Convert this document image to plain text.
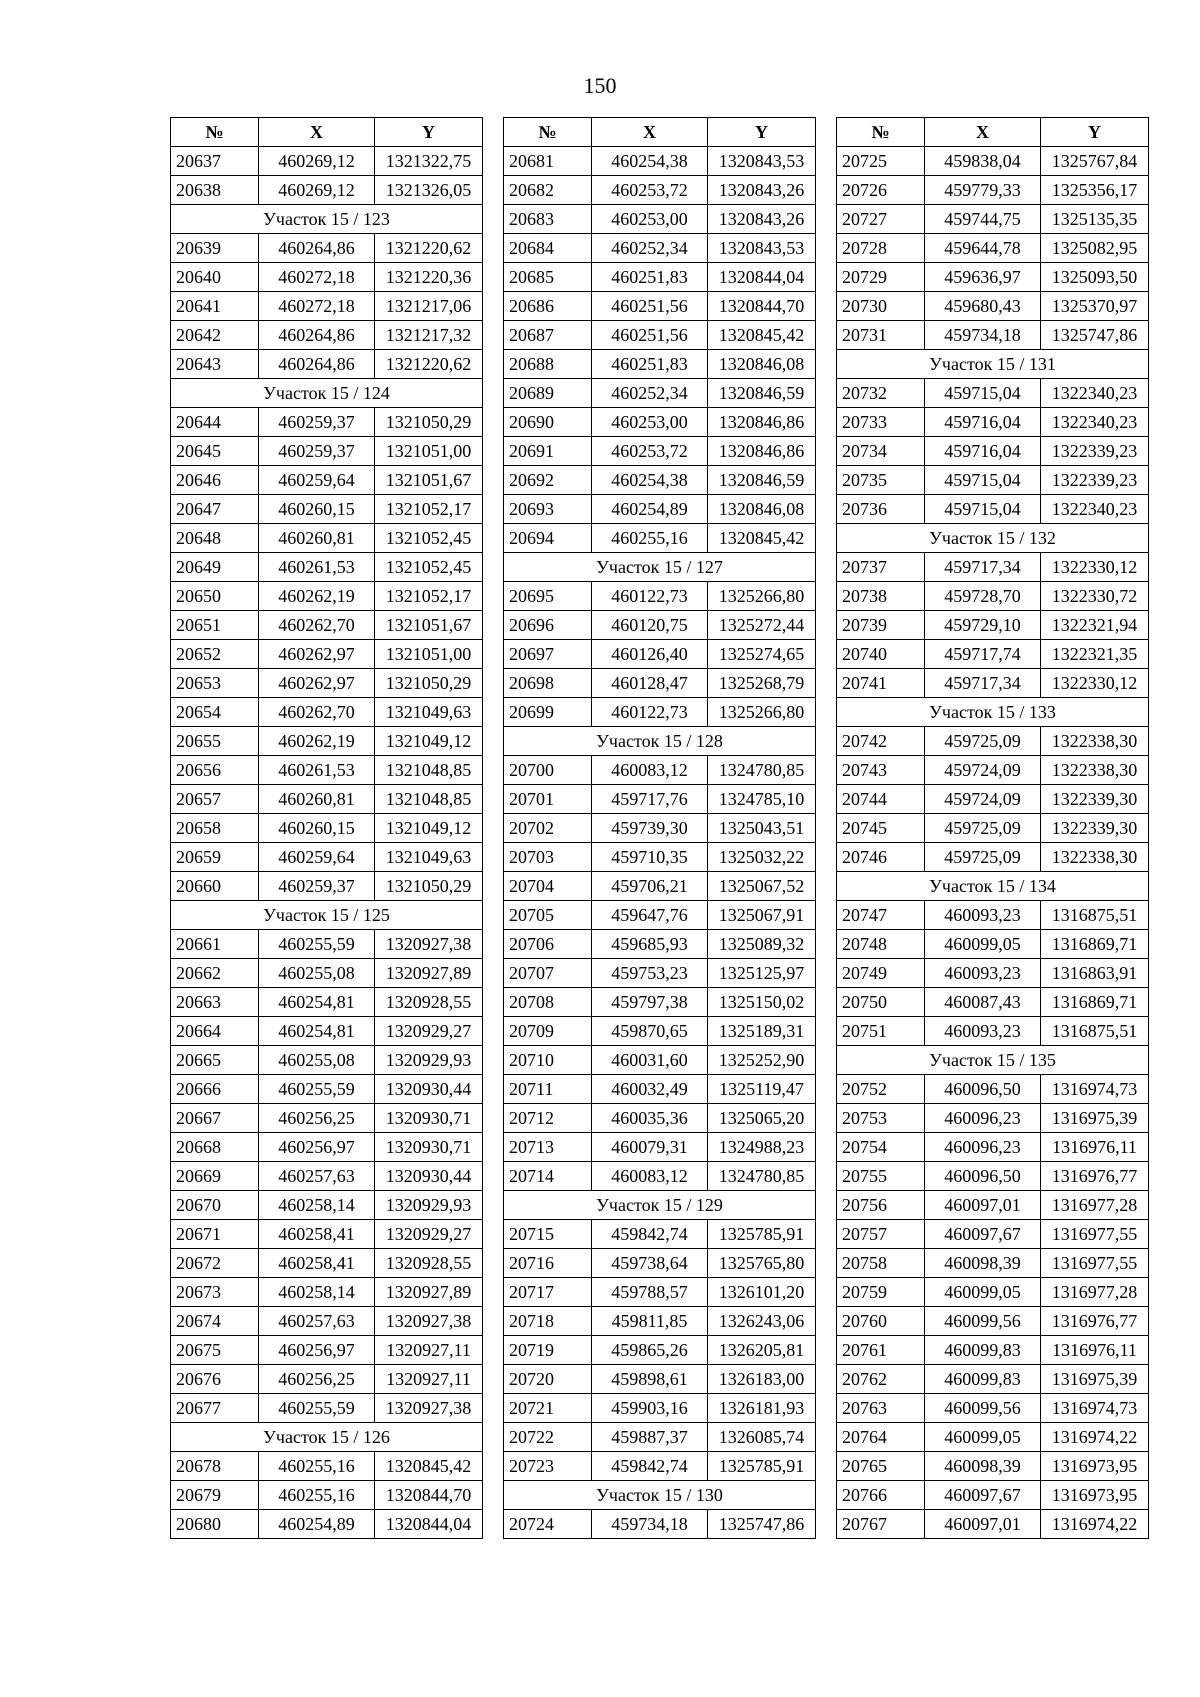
150
№	X	Y
20637	460269,12	1321322,75
20638	460269,12	1321326,05
Участок 15 / 123		
20639	460264,86	1321220,62
20640	460272,18	1321220,36
20641	460272,18	1321217,06
20642	460264,86	1321217,32
20643	460264,86	1321220,62
Участок 15 / 124		
20644	460259,37	1321050,29
20645	460259,37	1321051,00
20646	460259,64	1321051,67
20647	460260,15	1321052,17
20648	460260,81	1321052,45
20649	460261,53	1321052,45
20650	460262,19	1321052,17
20651	460262,70	1321051,67
20652	460262,97	1321051,00
20653	460262,97	1321050,29
20654	460262,70	1321049,63
20655	460262,19	1321049,12
20656	460261,53	1321048,85
20657	460260,81	1321048,85
20658	460260,15	1321049,12
20659	460259,64	1321049,63
20660	460259,37	1321050,29
Участок 15 / 125		
20661	460255,59	1320927,38
20662	460255,08	1320927,89
20663	460254,81	1320928,55
20664	460254,81	1320929,27
20665	460255,08	1320929,93
20666	460255,59	1320930,44
20667	460256,25	1320930,71
20668	460256,97	1320930,71
20669	460257,63	1320930,44
20670	460258,14	1320929,93
20671	460258,41	1320929,27
20672	460258,41	1320928,55
20673	460258,14	1320927,89
20674	460257,63	1320927,38
20675	460256,97	1320927,11
20676	460256,25	1320927,11
20677	460255,59	1320927,38
Участок 15 / 126		
20678	460255,16	1320845,42
20679	460255,16	1320844,70
20680	460254,89	1320844,04
№	X	Y
20681	460254,38	1320843,53
20682	460253,72	1320843,26
20683	460253,00	1320843,26
20684	460252,34	1320843,53
20685	460251,83	1320844,04
20686	460251,56	1320844,70
20687	460251,56	1320845,42
20688	460251,83	1320846,08
20689	460252,34	1320846,59
20690	460253,00	1320846,86
20691	460253,72	1320846,86
20692	460254,38	1320846,59
20693	460254,89	1320846,08
20694	460255,16	1320845,42
Участок 15 / 127		
20695	460122,73	1325266,80
20696	460120,75	1325272,44
20697	460126,40	1325274,65
20698	460128,47	1325268,79
20699	460122,73	1325266,80
Участок 15 / 128		
20700	460083,12	1324780,85
20701	459717,76	1324785,10
20702	459739,30	1325043,51
20703	459710,35	1325032,22
20704	459706,21	1325067,52
20705	459647,76	1325067,91
20706	459685,93	1325089,32
20707	459753,23	1325125,97
20708	459797,38	1325150,02
20709	459870,65	1325189,31
20710	460031,60	1325252,90
20711	460032,49	1325119,47
20712	460035,36	1325065,20
20713	460079,31	1324988,23
20714	460083,12	1324780,85
Участок 15 / 129		
20715	459842,74	1325785,91
20716	459738,64	1325765,80
20717	459788,57	1326101,20
20718	459811,85	1326243,06
20719	459865,26	1326205,81
20720	459898,61	1326183,00
20721	459903,16	1326181,93
20722	459887,37	1326085,74
20723	459842,74	1325785,91
Участок 15 / 130		
20724	459734,18	1325747,86
№	X	Y
20725	459838,04	1325767,84
20726	459779,33	1325356,17
20727	459744,75	1325135,35
20728	459644,78	1325082,95
20729	459636,97	1325093,50
20730	459680,43	1325370,97
20731	459734,18	1325747,86
Участок 15 / 131		
20732	459715,04	1322340,23
20733	459716,04	1322340,23
20734	459716,04	1322339,23
20735	459715,04	1322339,23
20736	459715,04	1322340,23
Участок 15 / 132		
20737	459717,34	1322330,12
20738	459728,70	1322330,72
20739	459729,10	1322321,94
20740	459717,74	1322321,35
20741	459717,34	1322330,12
Участок 15 / 133		
20742	459725,09	1322338,30
20743	459724,09	1322338,30
20744	459724,09	1322339,30
20745	459725,09	1322339,30
20746	459725,09	1322338,30
Участок 15 / 134		
20747	460093,23	1316875,51
20748	460099,05	1316869,71
20749	460093,23	1316863,91
20750	460087,43	1316869,71
20751	460093,23	1316875,51
Участок 15 / 135		
20752	460096,50	1316974,73
20753	460096,23	1316975,39
20754	460096,23	1316976,11
20755	460096,50	1316976,77
20756	460097,01	1316977,28
20757	460097,67	1316977,55
20758	460098,39	1316977,55
20759	460099,05	1316977,28
20760	460099,56	1316976,77
20761	460099,83	1316976,11
20762	460099,83	1316975,39
20763	460099,56	1316974,73
20764	460099,05	1316974,22
20765	460098,39	1316973,95
20766	460097,67	1316973,95
20767	460097,01	1316974,22
